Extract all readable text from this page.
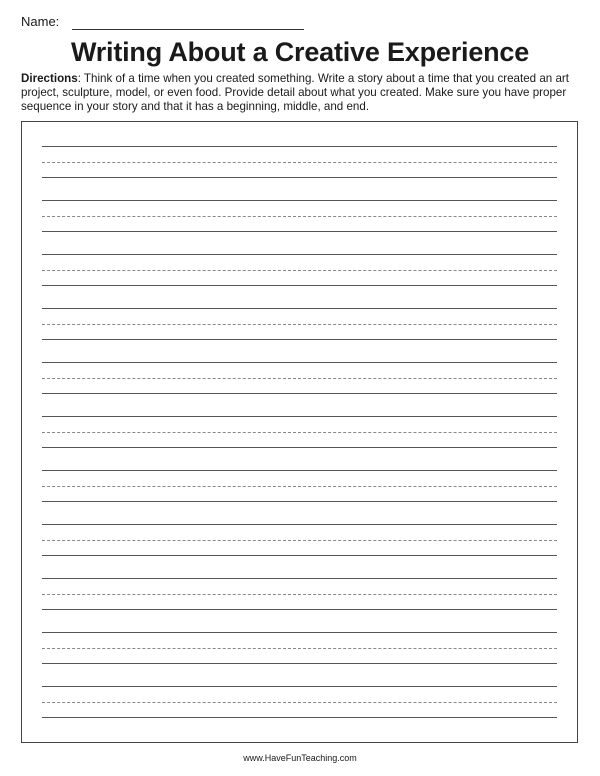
Name:
Writing About a Creative Experience

Directions: Think of a time when you created something. Write a story about a time that you created an art project, sculpture, model, or even food. Provide detail about what you created. Make sure you have proper sequence in your story and that it has a beginning, middle, and end.

www.HaveFunTeaching.com
